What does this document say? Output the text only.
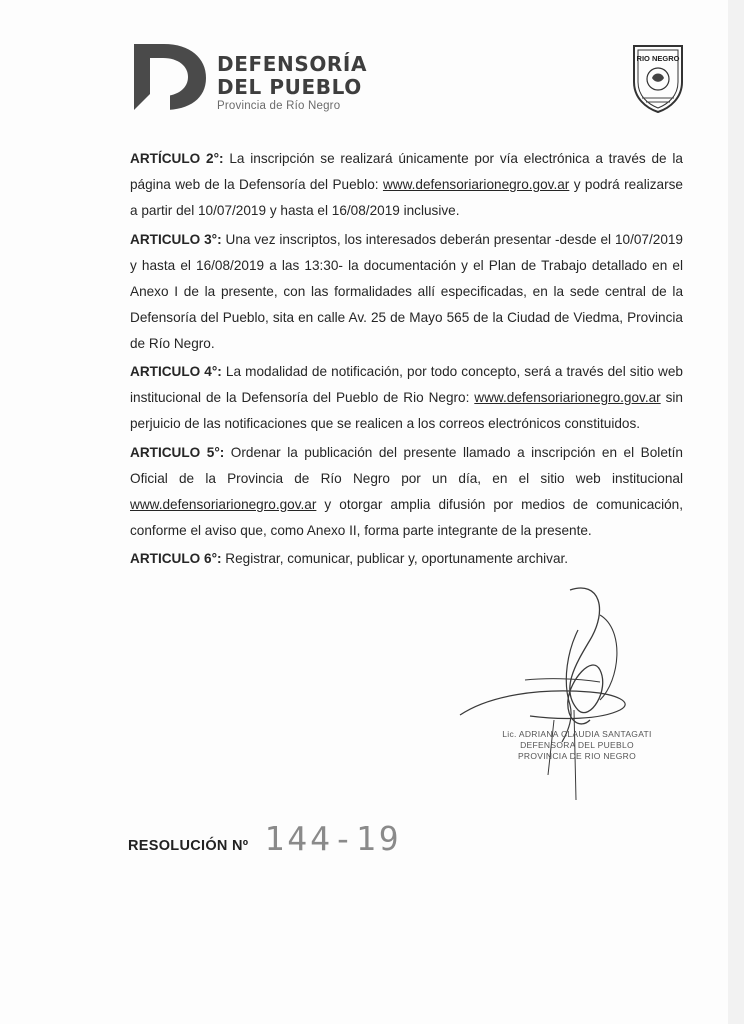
DEFENSORÍA
DEL PUEBLO
Provincia de Río Negro
RIO NEGRO

ARTÍCULO 2°: La inscripción se realizará únicamente por vía electrónica a través de la página web de la Defensoría del Pueblo: www.defensoriarionegro.gov.ar y podrá realizarse a partir del 10/07/2019 y hasta el 16/08/2019 inclusive.

ARTICULO 3°: Una vez inscriptos, los interesados deberán presentar -desde el 10/07/2019 y hasta el 16/08/2019 a las 13:30- la documentación y el Plan de Trabajo detallado en el Anexo I de la presente, con las formalidades allí especificadas, en la sede central de la Defensoría del Pueblo, sita en calle Av. 25 de Mayo 565 de la Ciudad de Viedma, Provincia de Río Negro.

ARTICULO 4°: La modalidad de notificación, por todo concepto, será a través del sitio web institucional de la Defensoría del Pueblo de Rio Negro: www.defensoriarionegro.gov.ar sin perjuicio de las notificaciones que se realicen a los correos electrónicos constituidos.

ARTICULO 5°: Ordenar la publicación del presente llamado a inscripción en el Boletín Oficial de la Provincia de Río Negro por un día, en el sitio web institucional www.defensoriarionegro.gov.ar y otorgar amplia difusión por medios de comunicación, conforme el aviso que, como Anexo II, forma parte integrante de la presente.

ARTICULO 6°: Registrar, comunicar, publicar y, oportunamente archivar.

Lic. ADRIANA CLAUDIA SANTAGATI
DEFENSORA DEL PUEBLO
PROVINCIA DE RIO NEGRO
RESOLUCIÓN Nº 144-19
